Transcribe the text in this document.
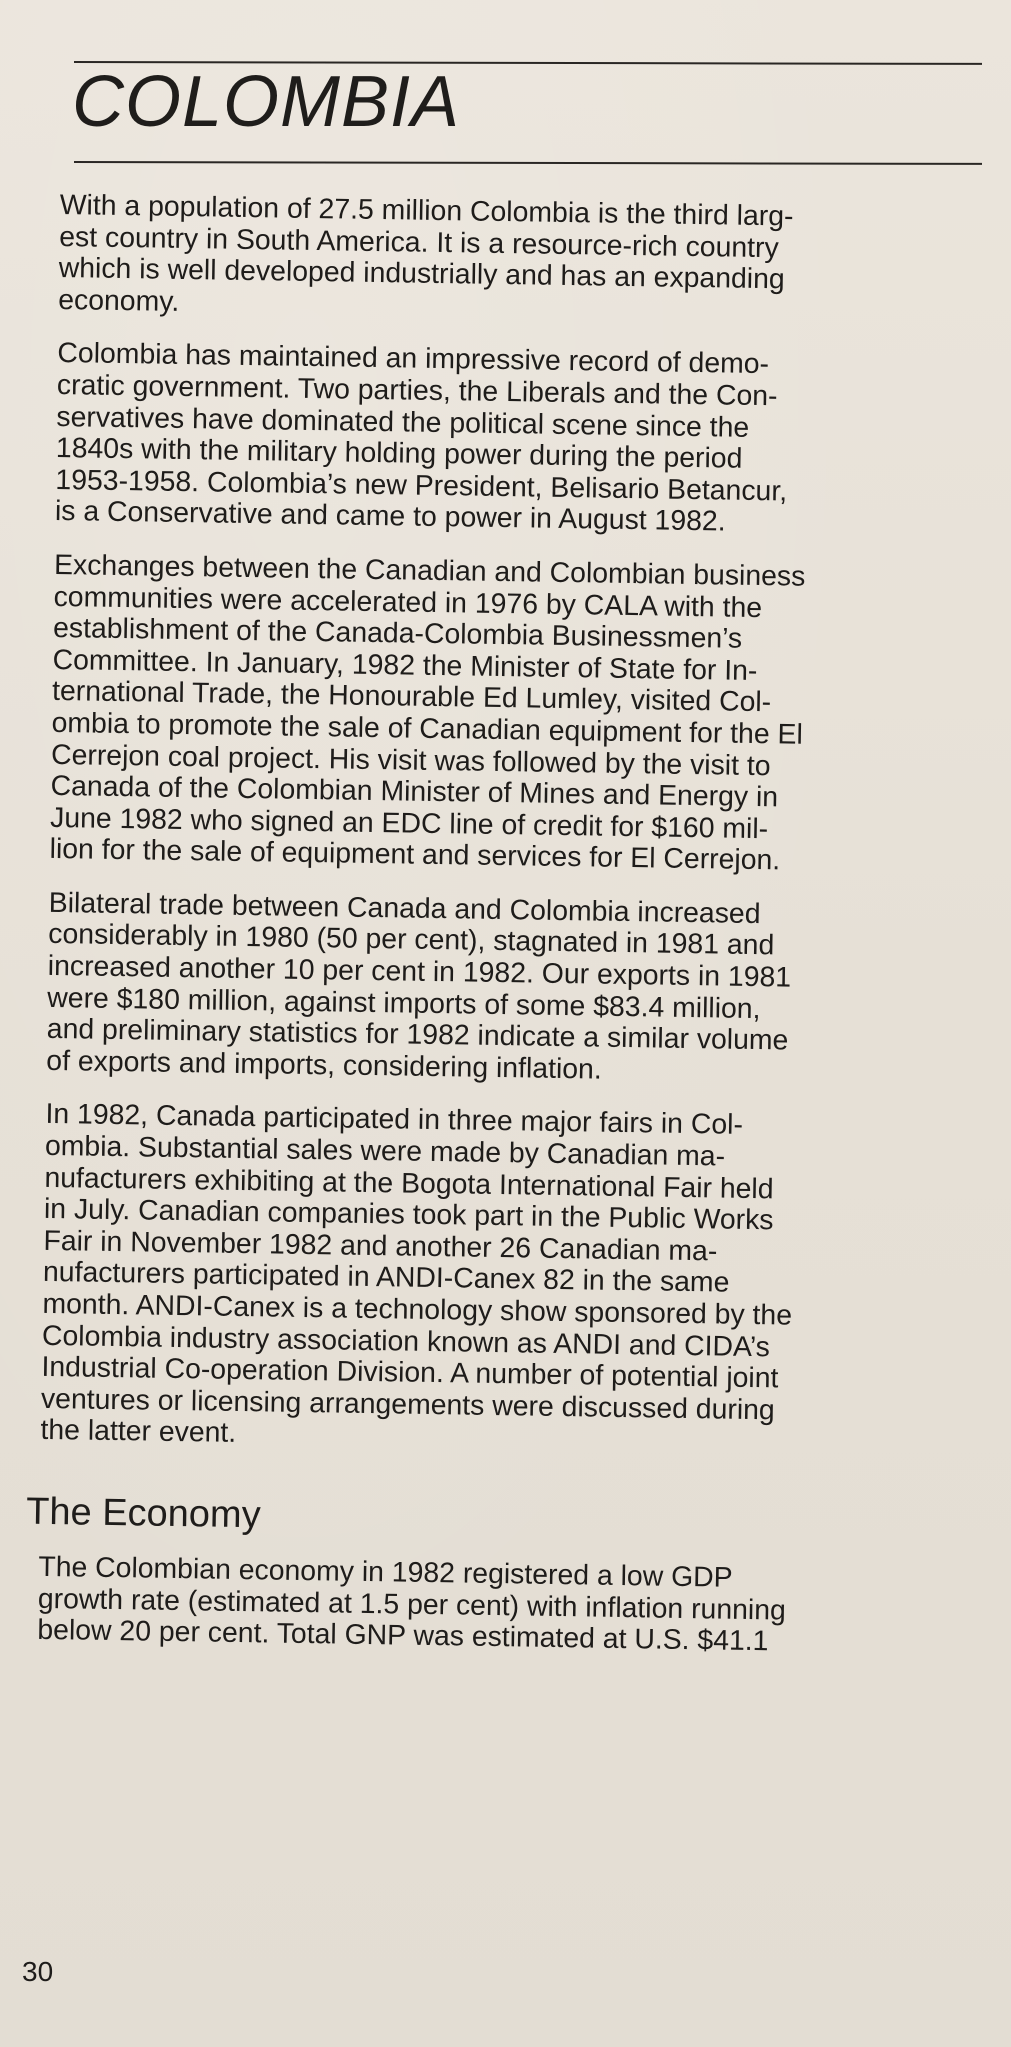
COLOMBIA

With a population of 27.5 million Colombia is the third larg-
est country in South America. It is a resource-rich country
which is well developed industrially and has an expanding
economy.

Colombia has maintained an impressive record of demo-
cratic government. Two parties, the Liberals and the Con-
servatives have dominated the political scene since the
1840s with the military holding power during the period
1953-1958. Colombia’s new President, Belisario Betancur,
is a Conservative and came to power in August 1982.

Exchanges between the Canadian and Colombian business
communities were accelerated in 1976 by CALA with the
establishment of the Canada-Colombia Businessmen’s
Committee. In January, 1982 the Minister of State for In-
ternational Trade, the Honourable Ed Lumley, visited Col-
ombia to promote the sale of Canadian equipment for the El
Cerrejon coal project. His visit was followed by the visit to
Canada of the Colombian Minister of Mines and Energy in
June 1982 who signed an EDC line of credit for $160 mil-
lion for the sale of equipment and services for El Cerrejon.

Bilateral trade between Canada and Colombia increased
considerably in 1980 (50 per cent), stagnated in 1981 and
increased another 10 per cent in 1982. Our exports in 1981
were $180 million, against imports of some $83.4 million,
and preliminary statistics for 1982 indicate a similar volume
of exports and imports, considering inflation.

In 1982, Canada participated in three major fairs in Col-
ombia. Substantial sales were made by Canadian ma-
nufacturers exhibiting at the Bogota International Fair held
in July. Canadian companies took part in the Public Works
Fair in November 1982 and another 26 Canadian ma-
nufacturers participated in ANDI-Canex 82 in the same
month. ANDI-Canex is a technology show sponsored by the
Colombia industry association known as ANDI and CIDA’s
Industrial Co-operation Division. A number of potential joint
ventures or licensing arrangements were discussed during
the latter event.

The Economy

The Colombian economy in 1982 registered a low GDP
growth rate (estimated at 1.5 per cent) with inflation running
below 20 per cent. Total GNP was estimated at U.S. $41.1

30
